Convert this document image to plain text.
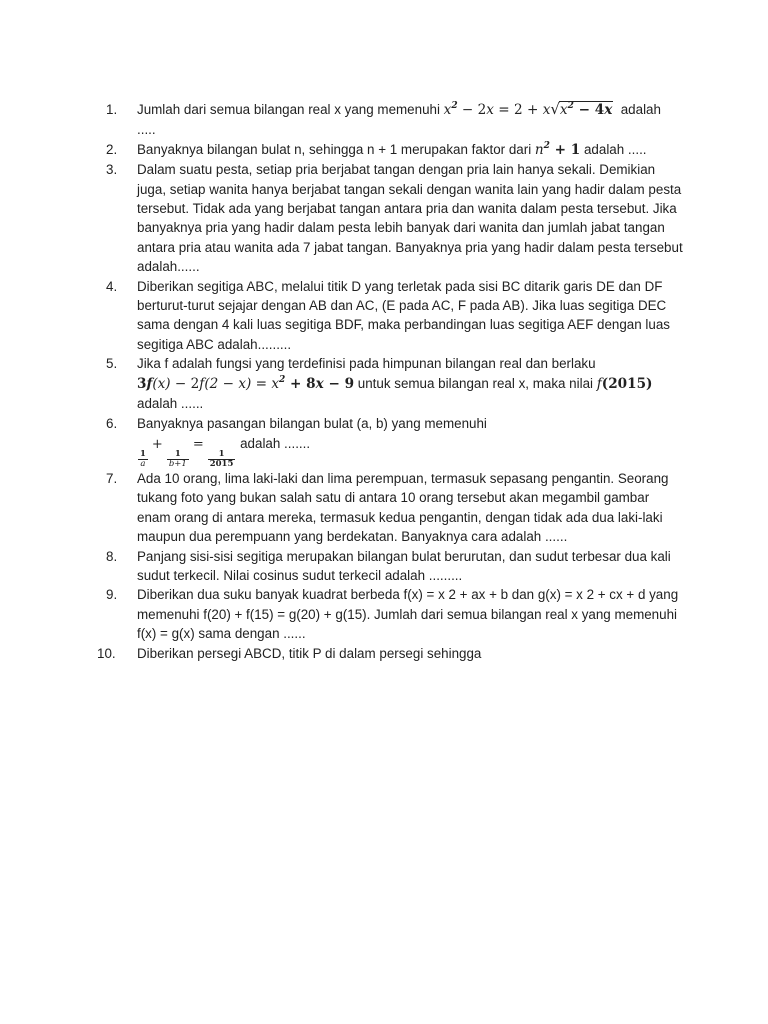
1.	Jumlah dari semua bilangan real x yang memenuhi $x^2 - 2x = 2 + x√x^2 - 4x$  adalah
.....
2.	Banyaknya bilangan bulat n, sehingga n + 1 merupakan faktor dari $n^2 + 1$ adalah .....
3.	Dalam suatu pesta, setiap pria berjabat tangan dengan pria lain hanya sekali. Demikian juga, setiap wanita hanya berjabat tangan sekali dengan wanita lain yang hadir dalam pesta tersebut. Tidak ada yang berjabat tangan antara pria dan wanita dalam pesta tersebut. Jika banyaknya pria yang hadir dalam pesta lebih banyak dari wanita dan jumlah jabat tangan antara pria atau wanita ada 7 jabat tangan. Banyaknya pria yang hadir dalam pesta tersebut adalah......
4.	Diberikan segitiga ABC, melalui titik D yang terletak pada sisi BC ditarik garis DE dan DF berturut-turut sejajar dengan AB dan AC, (E pada AC, F pada AB). Jika luas segitiga DEC sama dengan 4 kali luas segitiga BDF, maka perbandingan luas segitiga AEF dengan luas segitiga ABC adalah.........
5.	Jika f adalah fungsi yang terdefinisi pada himpunan bilangan real dan berlaku
$3f(x) - 2f(2 - x) = x^2 + 8x - 9$ untuk semua bilangan real x, maka nilai f(2015)
adalah ......
6.	Banyaknya pasangan bilangan bulat (a, b) yang memenuhi
$\frac{1}{a}$
+
$\frac{1}{b+1}$
=
$\frac{1}{2015}$
adalah .......
7.	Ada 10 orang, lima laki-laki dan lima perempuan, termasuk sepasang pengantin. Seorang tukang foto yang bukan salah satu di antara 10 orang tersebut akan megambil gambar enam orang di antara mereka, termasuk kedua pengantin, dengan tidak ada dua laki-laki maupun dua perempuann yang berdekatan. Banyaknya cara adalah ......
8.	Panjang sisi-sisi segitiga merupakan bilangan bulat berurutan, dan sudut terbesar dua kali sudut terkecil. Nilai cosinus sudut terkecil adalah .........
9.	Diberikan dua suku banyak kuadrat berbeda f(x) = x 2 + ax + b dan g(x) = x 2 + cx + d yang memenuhi f(20) + f(15) = g(20) + g(15). Jumlah dari semua bilangan real x yang memenuhi f(x) = g(x) sama dengan ......
10.	Diberikan persegi ABCD, titik P di dalam persegi sehingga
